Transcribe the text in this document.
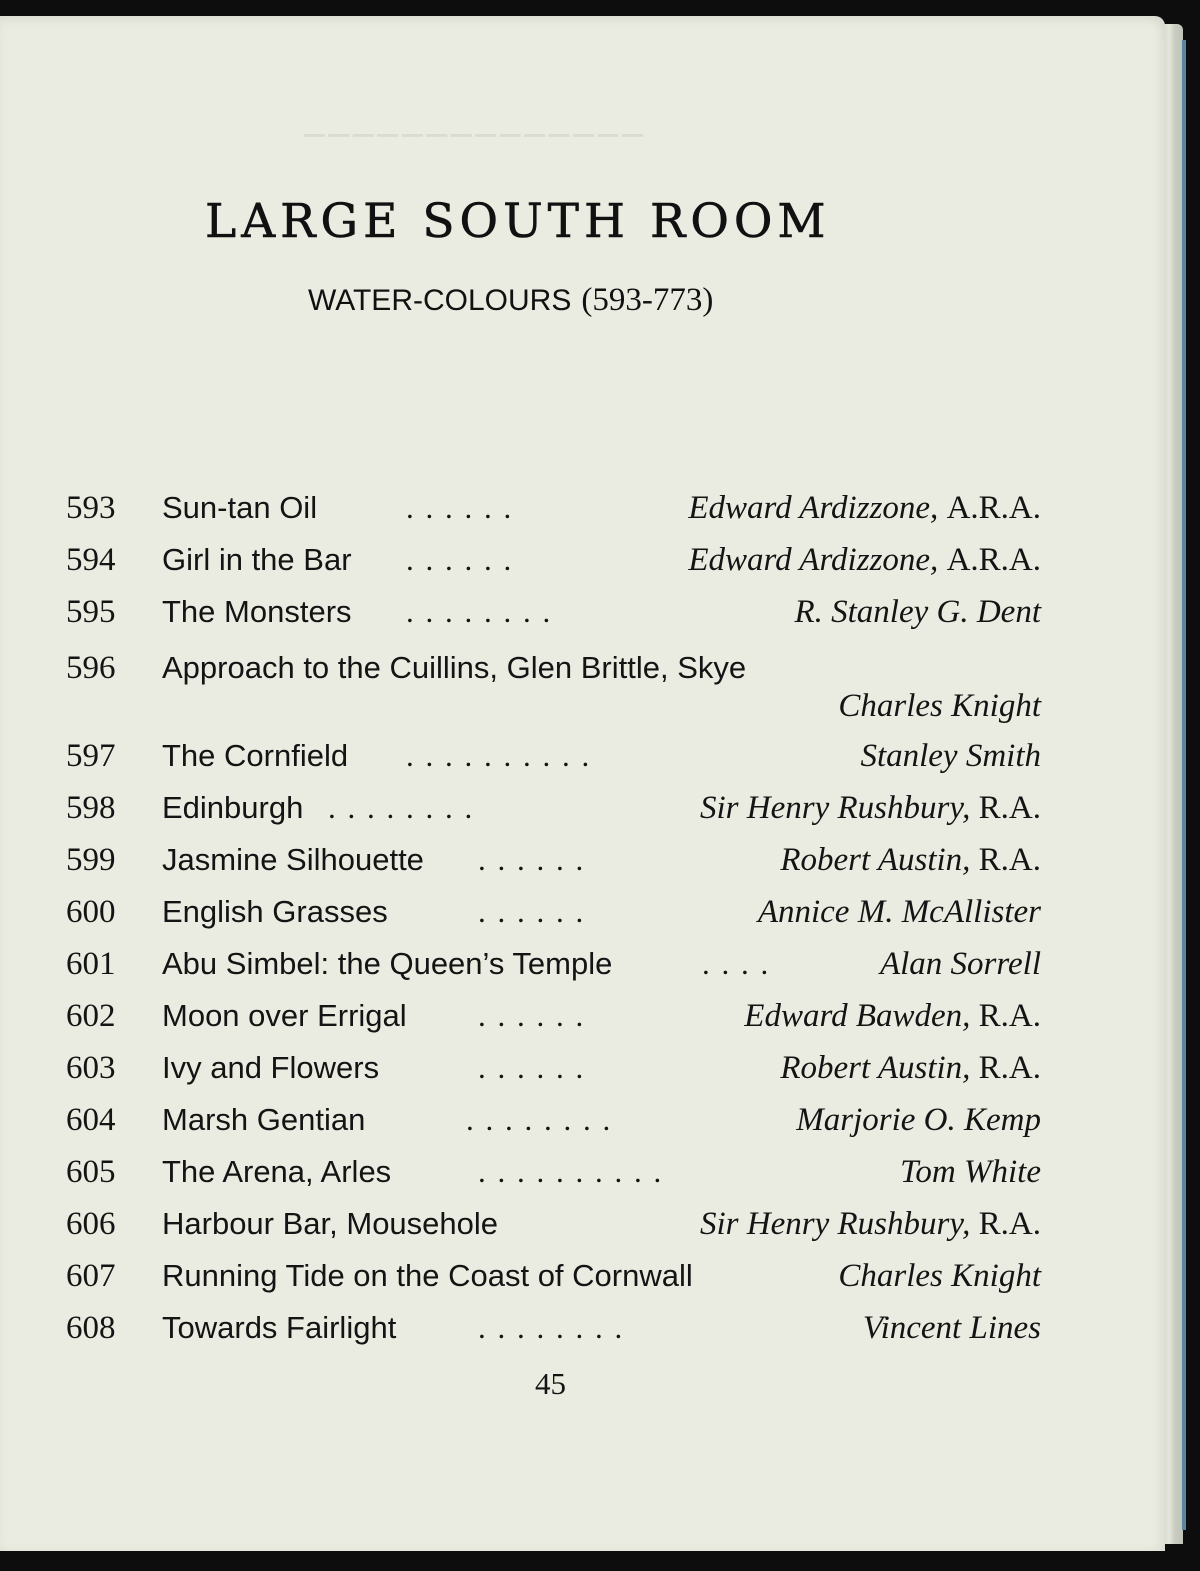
──────────────
LARGE SOUTH ROOM
WATER-COLOURS (593-773)
593 Sun-tan Oil	. . . . . .	Edward Ardizzone, A.R.A.
594 Girl in the Bar . . . . . .	Edward Ardizzone, A.R.A.
595 The Monsters . . . . . . . .	R. Stanley G. Dent
596 Approach to the Cuillins, Glen Brittle, Skye
Charles Knight
597 The Cornfield . . . . . . . . . .	Stanley Smith
598 Edinburgh . . . . . . . .	Sir Henry Rushbury, R.A.
599 Jasmine Silhouette . . . . . .	Robert Austin, R.A.
600 English Grasses	. . . . . .	Annice M. McAllister
601 Abu Simbel: the Queen’s Temple	. . . .	Alan Sorrell
602 Moon over Errigal . . . . . .	Edward Bawden, R.A.
603 Ivy and Flowers	. . . . . .	Robert Austin, R.A.
604 Marsh Gentian	. . . . . . . .	Marjorie O. Kemp
605 The Arena, Arles	. . . . . . . . . .	Tom White
606 Harbour Bar, Mousehole	Sir Henry Rushbury, R.A.
607 Running Tide on the Coast of Cornwall	Charles Knight
608 Towards Fairlight	. . . . . . . .	Vincent Lines
45
